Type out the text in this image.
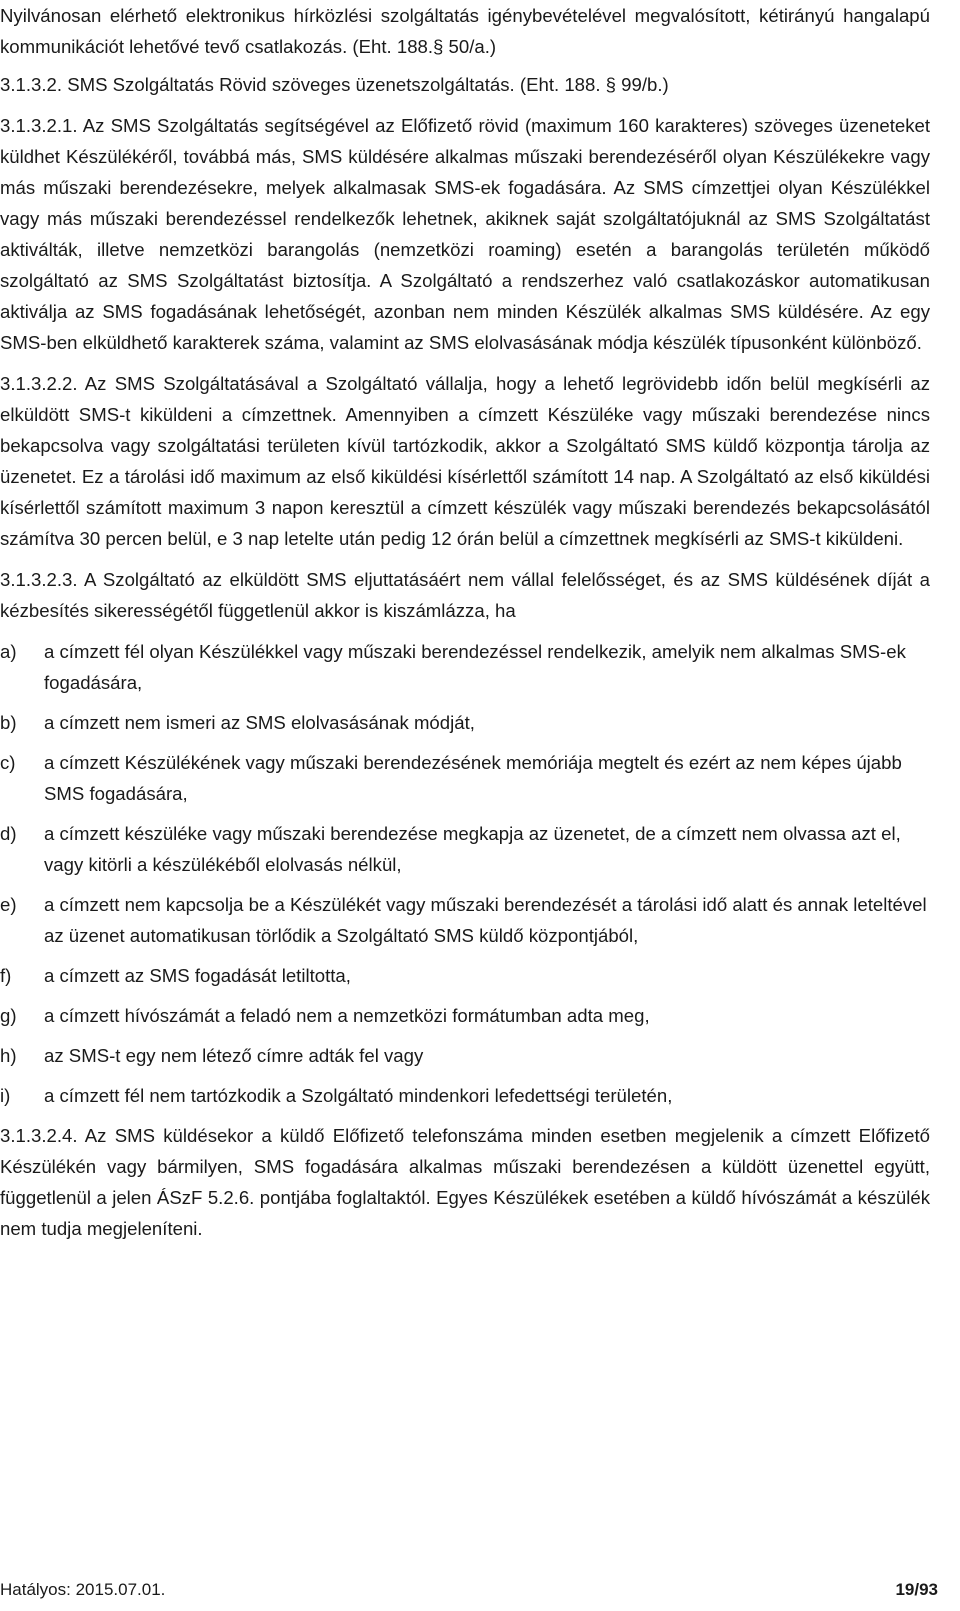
Nyilvánosan elérhető elektronikus hírközlési szolgáltatás igénybevételével megvalósított, kétirányú hangalapú kommunikációt lehetővé tevő csatlakozás. (Eht. 188.§ 50/a.)

3.1.3.2. SMS Szolgáltatás Rövid szöveges üzenetszolgáltatás. (Eht. 188. § 99/b.)

3.1.3.2.1. Az SMS Szolgáltatás segítségével az Előfizető rövid (maximum 160 karakteres) szöveges üzeneteket küldhet Készülékéről, továbbá más, SMS küldésére alkalmas műszaki berendezéséről olyan Készülékekre vagy más műszaki berendezésekre, melyek alkalmasak SMS-ek fogadására. Az SMS címzettjei olyan Készülékkel vagy más műszaki berendezéssel rendelkezők lehetnek, akiknek saját szolgáltatójuknál az SMS Szolgáltatást aktiválták, illetve nemzetközi barangolás (nemzetközi roaming) esetén a barangolás területén működő szolgáltató az SMS Szolgáltatást biztosítja. A Szolgáltató a rendszerhez való csatlakozáskor automatikusan aktiválja az SMS fogadásának lehetőségét, azonban nem minden Készülék alkalmas SMS küldésére. Az egy SMS-ben elküldhető karakterek száma, valamint az SMS elolvasásának módja készülék típusonként különböző.

3.1.3.2.2. Az SMS Szolgáltatásával a Szolgáltató vállalja, hogy a lehető legrövidebb időn belül megkísérli az elküldött SMS-t kiküldeni a címzettnek. Amennyiben a címzett Készüléke vagy műszaki berendezése nincs bekapcsolva vagy szolgáltatási területen kívül tartózkodik, akkor a Szolgáltató SMS küldő központja tárolja az üzenetet. Ez a tárolási idő maximum az első kiküldési kísérlettől számított 14 nap. A Szolgáltató az első kiküldési kísérlettől számított maximum 3 napon keresztül a címzett készülék vagy műszaki berendezés bekapcsolásától számítva 30 percen belül, e 3 nap letelte után pedig 12 órán belül a címzettnek megkísérli az SMS-t kiküldeni.

3.1.3.2.3. A Szolgáltató az elküldött SMS eljuttatásáért nem vállal felelősséget, és az SMS küldésének díját a kézbesítés sikerességétől függetlenül akkor is kiszámlázza, ha

a)	a címzett fél olyan Készülékkel vagy műszaki berendezéssel rendelkezik, amelyik nem alkalmas SMS-ek fogadására,
b)	a címzett nem ismeri az SMS elolvasásának módját,
c)	a címzett Készülékének vagy műszaki berendezésének memóriája megtelt és ezért az nem képes újabb SMS fogadására,
d)	a címzett készüléke vagy műszaki berendezése megkapja az üzenetet, de a címzett nem olvassa azt el, vagy kitörli a készülékéből elolvasás nélkül,
e)	a címzett nem kapcsolja be a Készülékét vagy műszaki berendezését a tárolási idő alatt és annak leteltével az üzenet automatikusan törlődik a Szolgáltató SMS küldő központjából,
f)	a címzett az SMS fogadását letiltotta,
g)	a címzett hívószámát a feladó nem a nemzetközi formátumban adta meg,
h)	az SMS-t egy nem létező címre adták fel vagy
i)	a címzett fél nem tartózkodik a Szolgáltató mindenkori lefedettségi területén,

3.1.3.2.4. Az SMS küldésekor a küldő Előfizető telefonszáma minden esetben megjelenik a címzett Előfizető Készülékén vagy bármilyen, SMS fogadására alkalmas műszaki berendezésen a küldött üzenettel együtt, függetlenül a jelen ÁSzF 5.2.6. pontjába foglaltaktól. Egyes Készülékek esetében a küldő hívószámát a készülék nem tudja megjeleníteni.

Hatályos: 2015.07.01.	19/93
